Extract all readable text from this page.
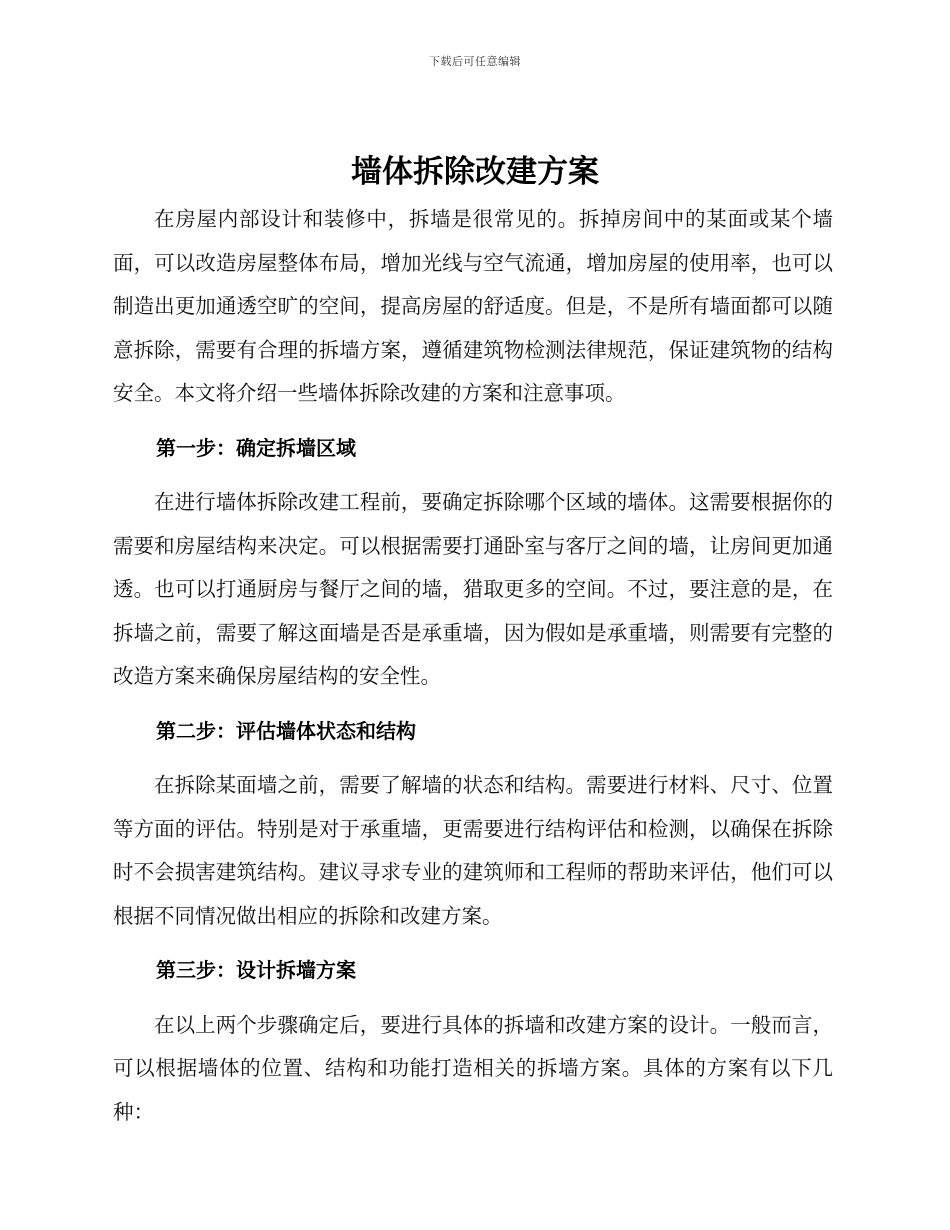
下载后可任意编辑
墙体拆除改建方案

在房屋内部设计和装修中，拆墙是很常见的。拆掉房间中的某面或某个墙面，可以改造房屋整体布局，增加光线与空气流通，增加房屋的使用率，也可以制造出更加通透空旷的空间，提高房屋的舒适度。但是，不是所有墙面都可以随意拆除，需要有合理的拆墙方案，遵循建筑物检测法律规范，保证建筑物的结构安全。本文将介绍一些墙体拆除改建的方案和注意事项。

第一步：确定拆墙区域

在进行墙体拆除改建工程前，要确定拆除哪个区域的墙体。这需要根据你的需要和房屋结构来决定。可以根据需要打通卧室与客厅之间的墙，让房间更加通透。也可以打通厨房与餐厅之间的墙，猎取更多的空间。不过，要注意的是，在拆墙之前，需要了解这面墙是否是承重墙，因为假如是承重墙，则需要有完整的改造方案来确保房屋结构的安全性。

第二步：评估墙体状态和结构

在拆除某面墙之前，需要了解墙的状态和结构。需要进行材料、尺寸、位置等方面的评估。特别是对于承重墙，更需要进行结构评估和检测，以确保在拆除时不会损害建筑结构。建议寻求专业的建筑师和工程师的帮助来评估，他们可以根据不同情况做出相应的拆除和改建方案。

第三步：设计拆墙方案

在以上两个步骤确定后，要进行具体的拆墙和改建方案的设计。一般而言，可以根据墙体的位置、结构和功能打造相关的拆墙方案。具体的方案有以下几种：
